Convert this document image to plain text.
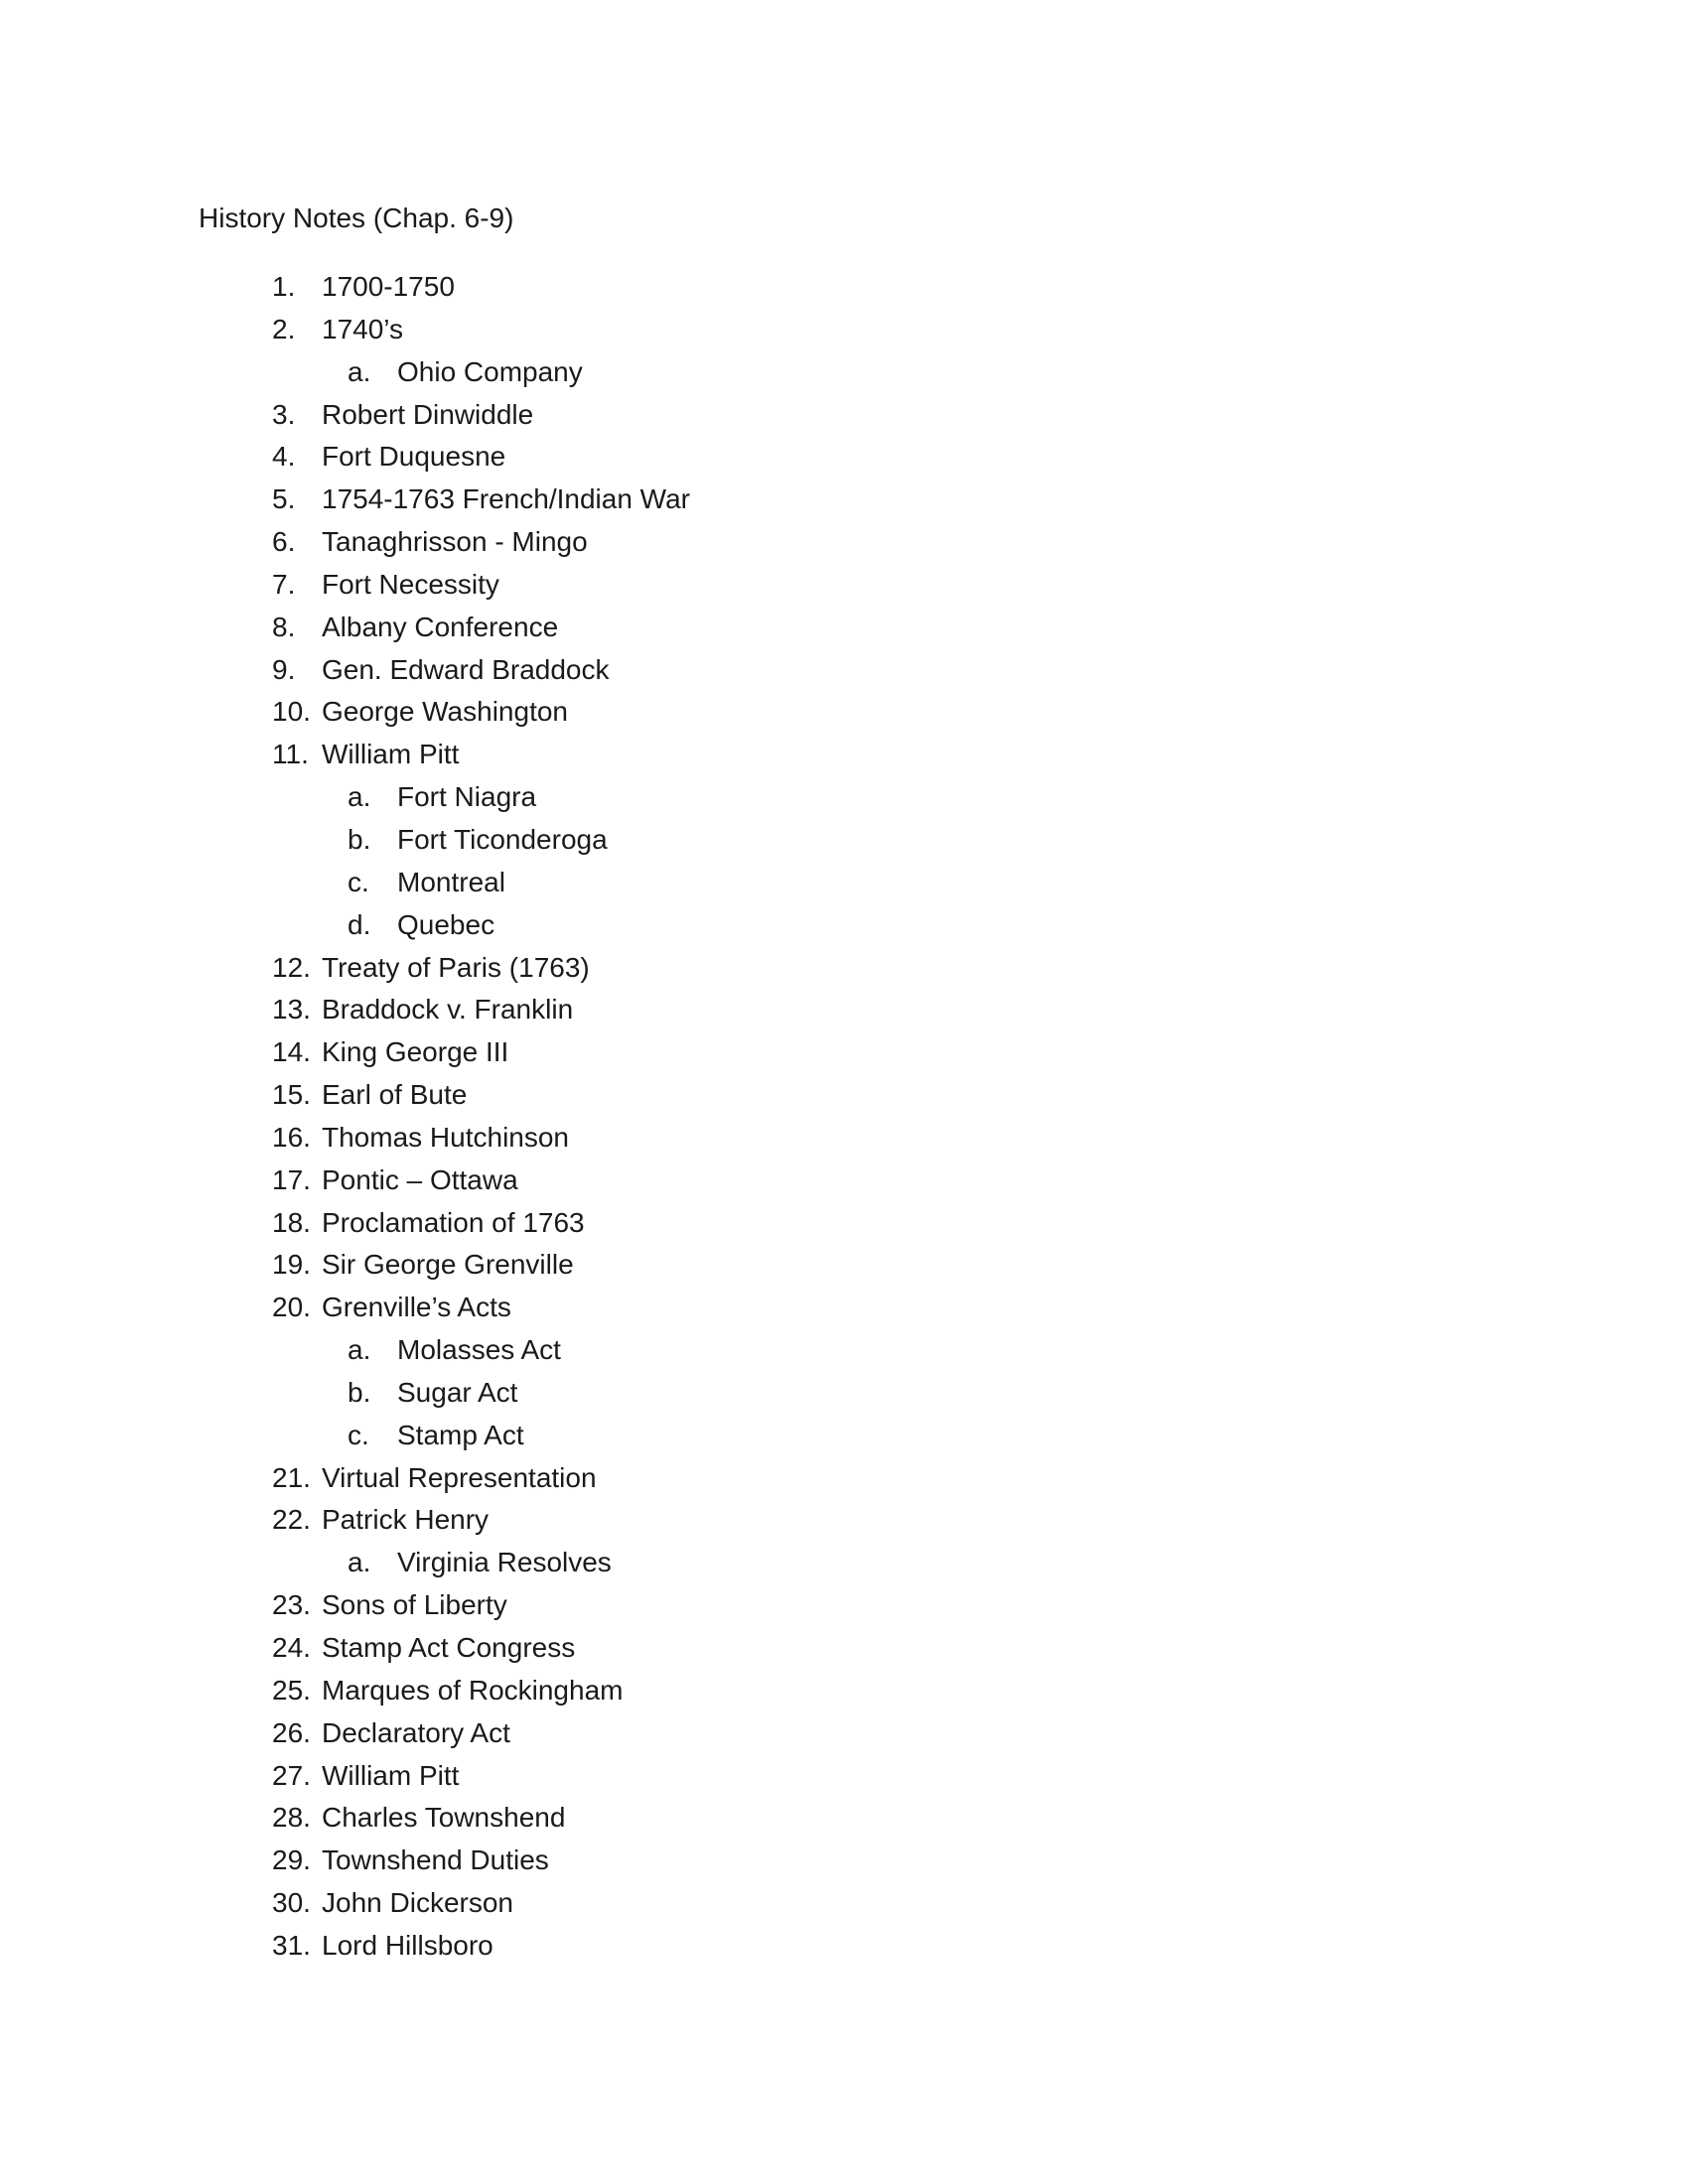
History Notes (Chap. 6-9)
1. 1700-1750
2. 1740’s
a. Ohio Company
3. Robert Dinwiddle
4. Fort Duquesne
5. 1754-1763 French/Indian War
6. Tanaghrisson - Mingo
7. Fort Necessity
8. Albany Conference
9. Gen. Edward Braddock
10. George Washington
11. William Pitt
a. Fort Niagra
b. Fort Ticonderoga
c. Montreal
d. Quebec
12. Treaty of Paris (1763)
13. Braddock v. Franklin
14. King George III
15. Earl of Bute
16. Thomas Hutchinson
17. Pontic – Ottawa
18. Proclamation of 1763
19. Sir George Grenville
20. Grenville’s Acts
a. Molasses Act
b. Sugar Act
c. Stamp Act
21. Virtual Representation
22. Patrick Henry
a. Virginia Resolves
23. Sons of Liberty
24. Stamp Act Congress
25. Marques of Rockingham
26. Declaratory Act
27. William Pitt
28. Charles Townshend
29. Townshend Duties
30. John Dickerson
31. Lord Hillsboro
